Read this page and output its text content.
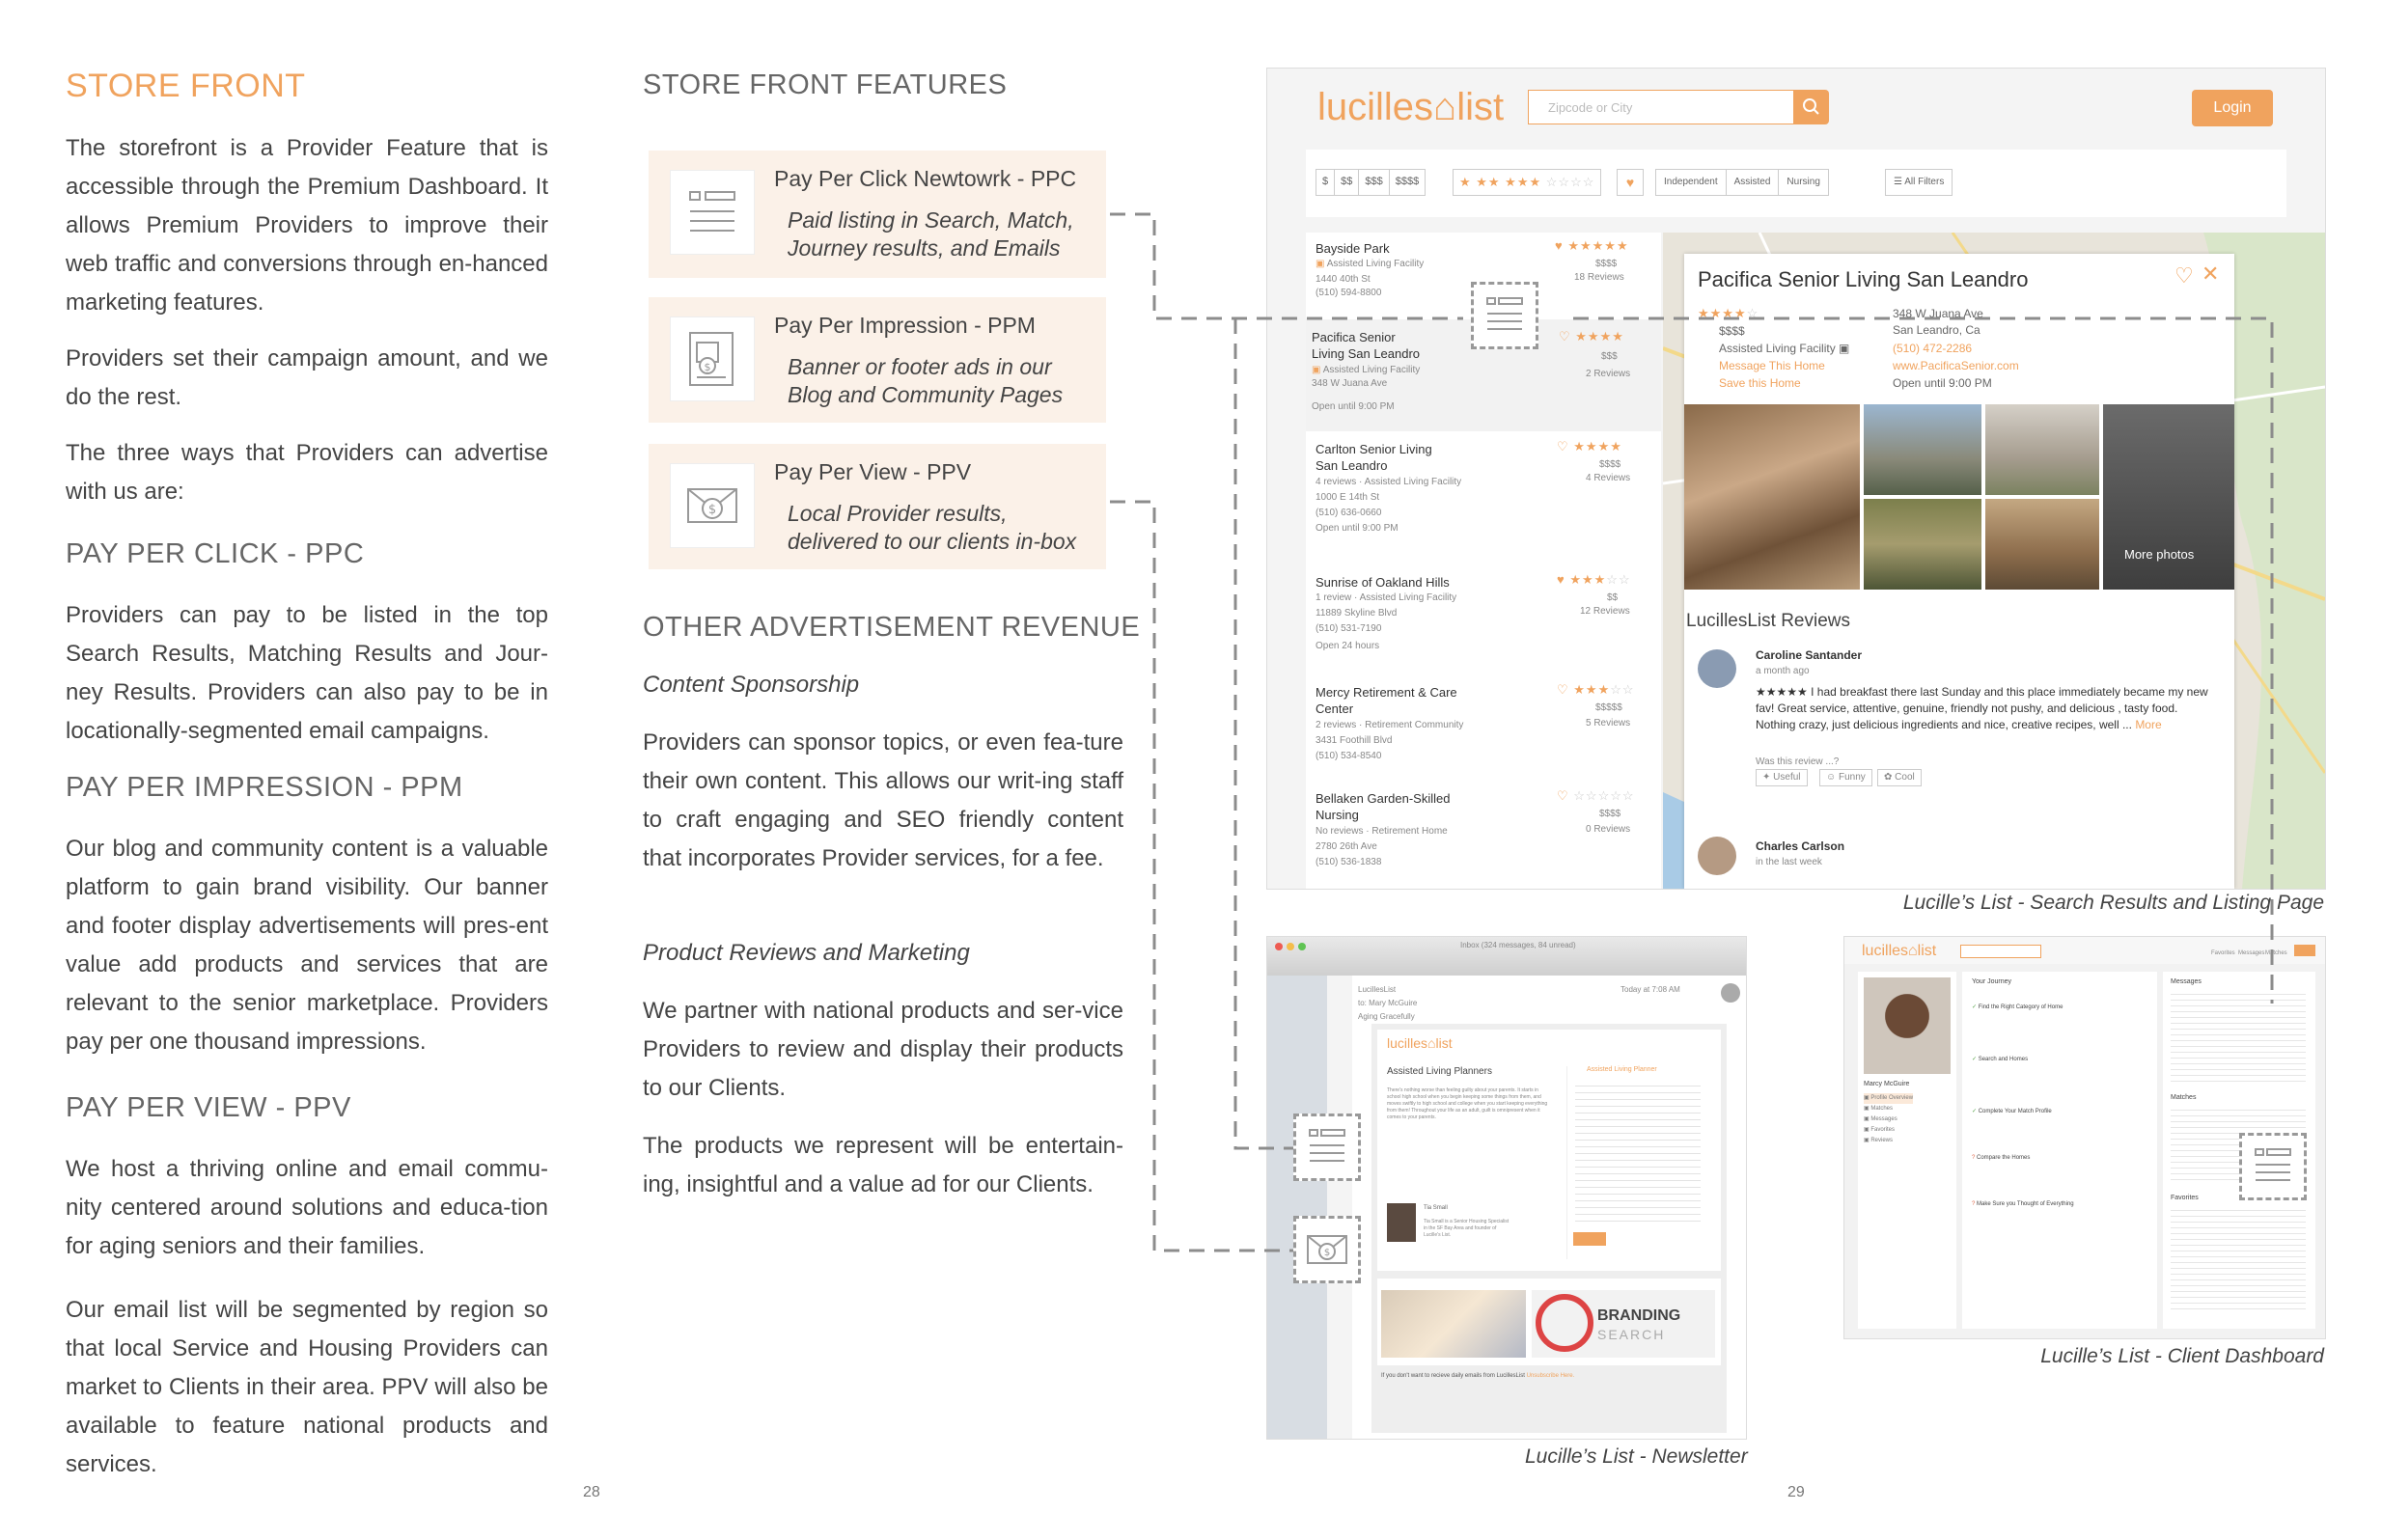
STORE FRONT

The storefront is a Provider Feature that is accessible through the Premium Dashboard. It allows Premium Providers to improve their web traffic and conversions through en-hanced marketing features.

Providers set their campaign amount, and we do the rest.

The three ways that Providers can advertise with us are:

PAY PER CLICK - PPC

Providers can pay to be listed in the top Search Results, Matching Results and Jour-ney Results. Providers can also pay to be in locationally-segmented email campaigns.

PAY PER IMPRESSION - PPM

Our blog and community content is a valuable platform to gain brand visibility. Our banner and footer display advertisements will pres-ent value add products and services that are relevant to the senior marketplace. Providers pay per one thousand impressions.

PAY PER VIEW - PPV

We host a thriving online and email commu-nity centered around solutions and educa-tion for aging seniors and their families.

Our email list will be segmented by region so that local Service and Housing Providers can market to Clients in their area. PPV will also be available to feature national products and services.

28
STORE FRONT FEATURES
Pay Per Click Newtowrk - PPC
Paid listing in Search, Match,
Journey results, and Emails
$
Pay Per Impression - PPM
Banner or footer ads in our
Blog and Community Pages
$
Pay Per View - PPV
Local Provider results,
delivered to our clients in-box
OTHER ADVERTISEMENT REVENUE
Content Sponsorship

Providers can sponsor topics, or even fea-ture their own content. This allows our writ-ing staff to craft engaging and SEO friendly content that incorporates Provider services, for a fee.

Product Reviews and Marketing

We partner with national products and ser-vice Providers to review and display their products to our Clients.

The products we represent will be entertain-ing, insightful and a value ad for our Clients.

lucilles⌂list	Zipcode or City	Login
$	$$	$$$	$$$$	★ ★★ ★★★ ☆☆☆☆	♥	Independent	Assisted	Nursing	☰ All Filters
Bayside Park
▣ Assisted Living Facility
1440 40th St
(510) 594-8800
♥ ★★★★★
$$$$
18 Reviews
Pacifica Senior Living San Leandro
▣ Assisted Living Facility
348 W Juana Ave
Open until 9:00 PM
♡ ★★★★
$$$
2 Reviews
Carlton Senior Living San Leandro
4 reviews · Assisted Living Facility
1000 E 14th St
(510) 636-0660
Open until 9:00 PM
♡ ★★★★
$$$$
4 Reviews
Sunrise of Oakland Hills
1 review · Assisted Living Facility
11889 Skyline Blvd
(510) 531-7190
Open 24 hours
♥ ★★★☆☆
$$
12 Reviews
Mercy Retirement & Care Center
2 reviews · Retirement Community
3431 Foothill Blvd
(510) 534-8540
♡ ★★★☆☆
$$$$$
5 Reviews
Bellaken Garden-Skilled Nursing
No reviews · Retirement Home
2780 26th Ave
(510) 536-1838
♡ ☆☆☆☆☆
$$$$
0 Reviews
Pacifica Senior Living San Leandro	♡ ✕
★★★★☆
$$$$
Assisted Living Facility ▣
Message This Home
Save this Home
348 W Juana Ave
San Leandro, Ca
(510) 472-2286
www.PacificaSenior.com
Open until 9:00 PM
More photos
LucillesList Reviews
Caroline Santander
a month ago
★★★★★ I had breakfast there last Sunday and this place immediately became my new fav! Great service, attentive, genuine, friendly not pushy, and delicious , tasty food. Nothing crazy, just delicious ingredients and nice, creative recipes, well ... More
Was this review ...?
✦ Useful	☺ Funny	✿ Cool
Charles Carlson
in the last week
Lucille’s List - Search Results and Listing Page
Inbox (324 messages, 84 unread)
LucillesList
to: Mary McGuire
Aging Gracefully
Today at 7:08 AM
lucilles⌂list
Assisted Living Planners
There's nothing worse than feeling guilty about your parents. It starts in school high school when you begin keeping some things from them, and moves swiftly to high school and college when you start keeping everything from them! Throughout your life as an adult, guilt is omnipresent when it comes to your parents.
Assisted Living Planner
Tia Small
Tia Small is a Senior Housing Specialist in the SF Bay Area and founder of Lucille's List.
BRANDING
SEARCH
If you don't want to recieve daily emails from LucillesList Unsubscribe Here.
Lucille’s List - Newsletter
lucilles⌂list	Favorites Messages Matches
Marcy McGuire
▣ Profile Overview
▣ Matches
▣ Messages
▣ Favorites
▣ Reviews
Your Journey
✓ Find the Right Category of Home
✓ Search and Homes
✓ Complete Your Match Profile
? Compare the Homes
? Make Sure you Thought of Everything
Messages
Matches
Favorites
Lucille’s List - Client Dashboard
29
$
